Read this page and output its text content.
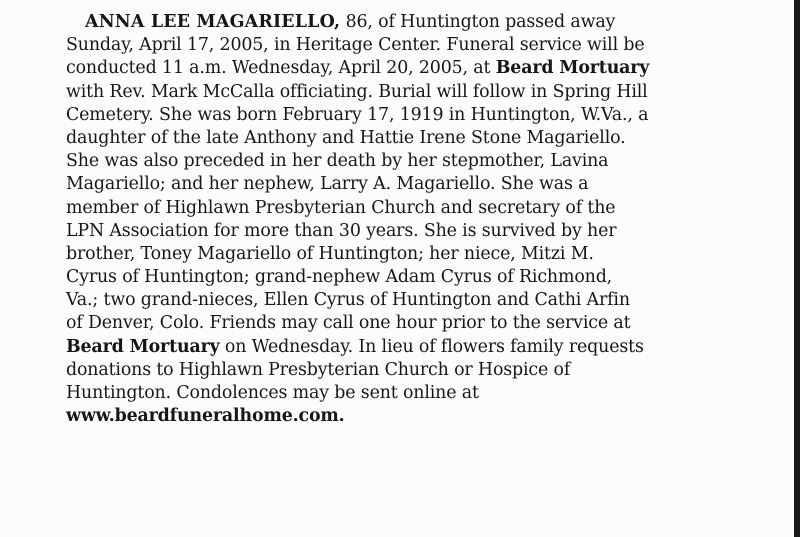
ANNA LEE MAGARIELLO, 86, of Huntington passed away
Sunday, April 17, 2005, in Heritage Center. Funeral service will be
conducted 11 a.m. Wednesday, April 20, 2005, at Beard Mortuary
with Rev. Mark McCalla officiating. Burial will follow in Spring Hill
Cemetery. She was born February 17, 1919 in Huntington, W.Va., a
daughter of the late Anthony and Hattie Irene Stone Magariello.
She was also preceded in her death by her stepmother, Lavina
Magariello; and her nephew, Larry A. Magariello. She was a
member of Highlawn Presbyterian Church and secretary of the
LPN Association for more than 30 years. She is survived by her
brother, Toney Magariello of Huntington; her niece, Mitzi M.
Cyrus of Huntington; grand-nephew Adam Cyrus of Richmond,
Va.; two grand-nieces, Ellen Cyrus of Huntington and Cathi Arfin
of Denver, Colo. Friends may call one hour prior to the service at
Beard Mortuary on Wednesday. In lieu of flowers family requests
donations to Highlawn Presbyterian Church or Hospice of
Huntington. Condolences may be sent online at
www.beardfuneralhome.com.
